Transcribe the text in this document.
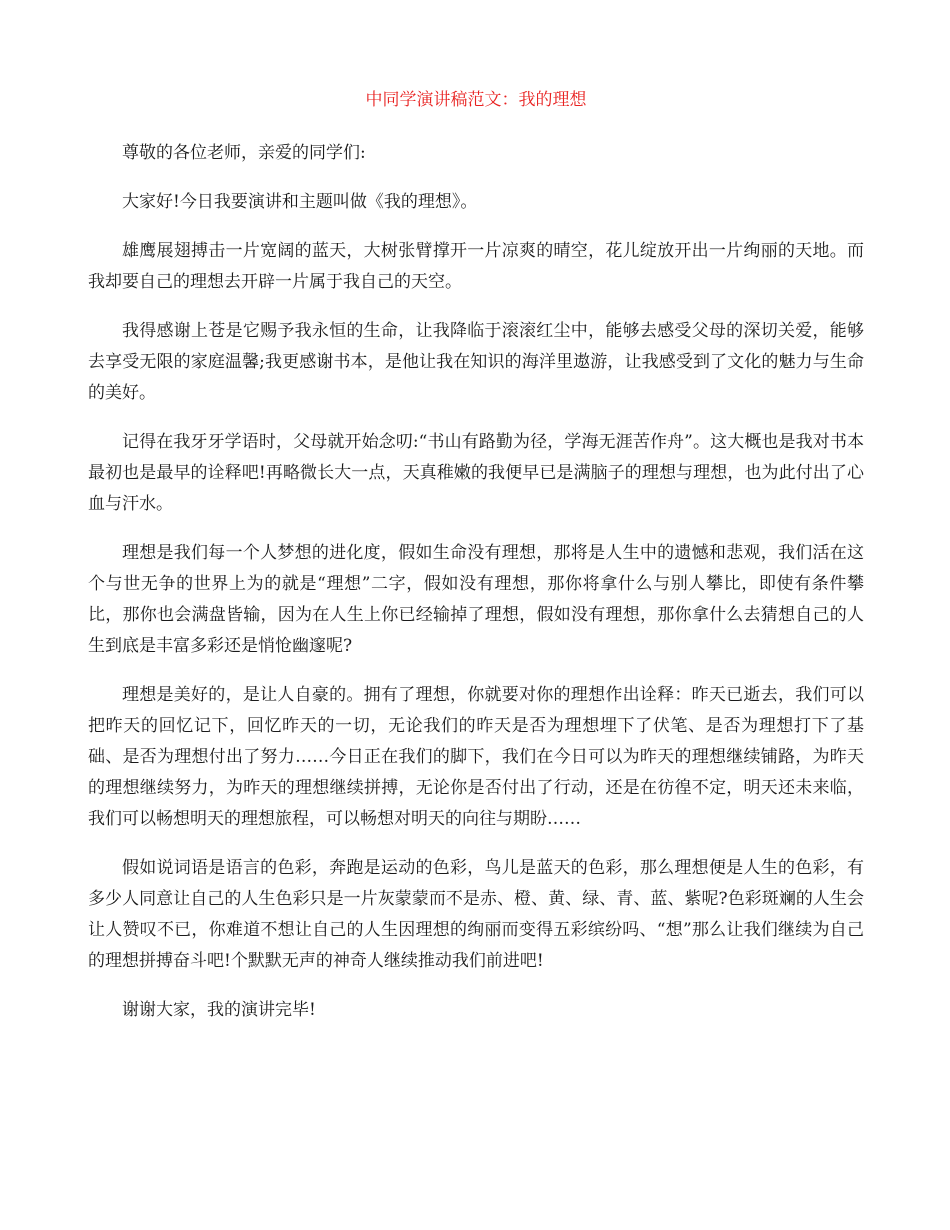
中同学演讲稿范文：我的理想

尊敬的各位老师，亲爱的同学们:

大家好!今日我要演讲和主题叫做《我的理想》。

雄鹰展翅搏击一片宽阔的蓝天，大树张臂撑开一片凉爽的晴空，花儿绽放开出一片绚丽的天地。而我却要自己的理想去开辟一片属于我自己的天空。

我得感谢上苍是它赐予我永恒的生命，让我降临于滚滚红尘中，能够去感受父母的深切关爱，能够去享受无限的家庭温馨;我更感谢书本，是他让我在知识的海洋里遨游，让我感受到了文化的魅力与生命的美好。

记得在我牙牙学语时，父母就开始念叨:“书山有路勤为径，学海无涯苦作舟”。这大概也是我对书本最初也是最早的诠释吧!再略微长大一点，天真稚嫩的我便早已是满脑子的理想与理想，也为此付出了心血与汗水。

理想是我们每一个人梦想的进化度，假如生命没有理想，那将是人生中的遗憾和悲观，我们活在这个与世无争的世界上为的就是“理想”二字，假如没有理想，那你将拿什么与别人攀比，即使有条件攀比，那你也会满盘皆输，因为在人生上你已经输掉了理想，假如没有理想，那你拿什么去猜想自己的人生到底是丰富多彩还是悄怆幽邃呢?

理想是美好的，是让人自豪的。拥有了理想，你就要对你的理想作出诠释：昨天已逝去，我们可以把昨天的回忆记下，回忆昨天的一切，无论我们的昨天是否为理想埋下了伏笔、是否为理想打下了基础、是否为理想付出了努力……今日正在我们的脚下，我们在今日可以为昨天的理想继续铺路，为昨天的理想继续努力，为昨天的理想继续拼搏，无论你是否付出了行动，还是在彷徨不定，明天还未来临，我们可以畅想明天的理想旅程，可以畅想对明天的向往与期盼……

假如说词语是语言的色彩，奔跑是运动的色彩，鸟儿是蓝天的色彩，那么理想便是人生的色彩，有多少人同意让自己的人生色彩只是一片灰蒙蒙而不是赤、橙、黄、绿、青、蓝、紫呢?色彩斑斓的人生会让人赞叹不已，你难道不想让自己的人生因理想的绚丽而变得五彩缤纷吗、“想”那么让我们继续为自己的理想拼搏奋斗吧!个默默无声的神奇人继续推动我们前进吧!

谢谢大家，我的演讲完毕!
